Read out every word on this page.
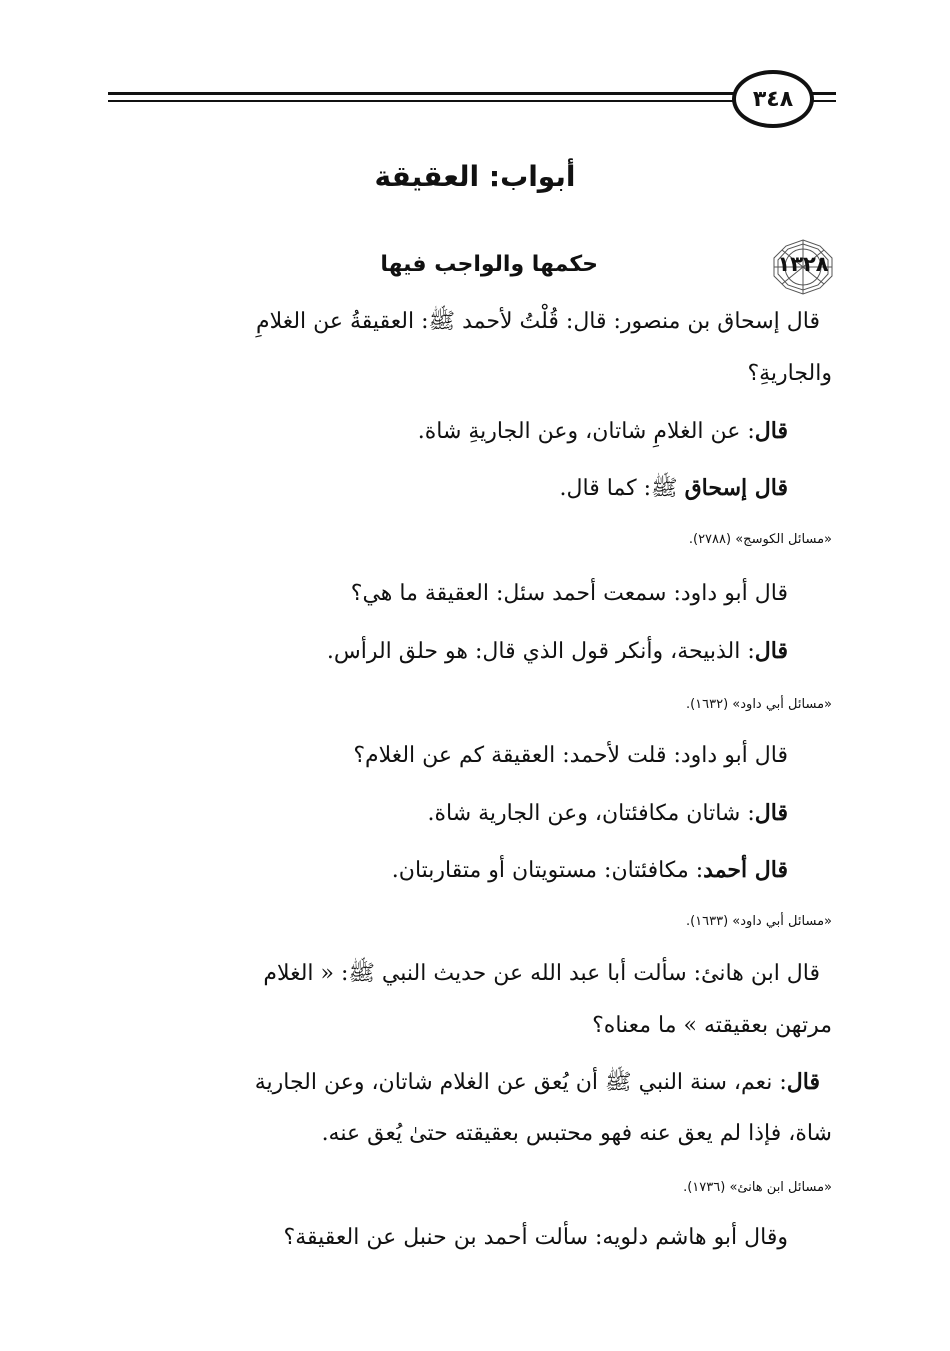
٣٤٨
أبواب: العقيقة
١٣٢٨
حكمها والواجب فيها
قال إسحاق بن منصور: قال: قُلْتُ لأحمد ﷺ: العقيقةُ عن الغلامِ
والجاريةِ؟
قال: عن الغلامِ شاتان، وعن الجاريةِ شاة.
قال إسحاق ﷺ: كما قال.
«مسائل الكوسج» (٢٧٨٨).
قال أبو داود: سمعت أحمد سئل: العقيقة ما هي؟
قال: الذبيحة، وأنكر قول الذي قال: هو حلق الرأس.
«مسائل أبي داود» (١٦٣٢).
قال أبو داود: قلت لأحمد: العقيقة كم عن الغلام؟
قال: شاتان مكافئتان، وعن الجارية شاة.
قال أحمد: مكافئتان: مستويتان أو متقاربتان.
«مسائل أبي داود» (١٦٣٣).
قال ابن هانئ: سألت أبا عبد الله عن حديث النبي ﷺ: « الغلام
مرتهن بعقيقته » ما معناه؟
قال: نعم، سنة النبي ﷺ أن يُعق عن الغلام شاتان، وعن الجارية
شاة، فإذا لم يعق عنه فهو محتبس بعقيقته حتىٰ يُعق عنه.
«مسائل ابن هانئ» (١٧٣٦).
وقال أبو هاشم دلويه: سألت أحمد بن حنبل عن العقيقة؟
